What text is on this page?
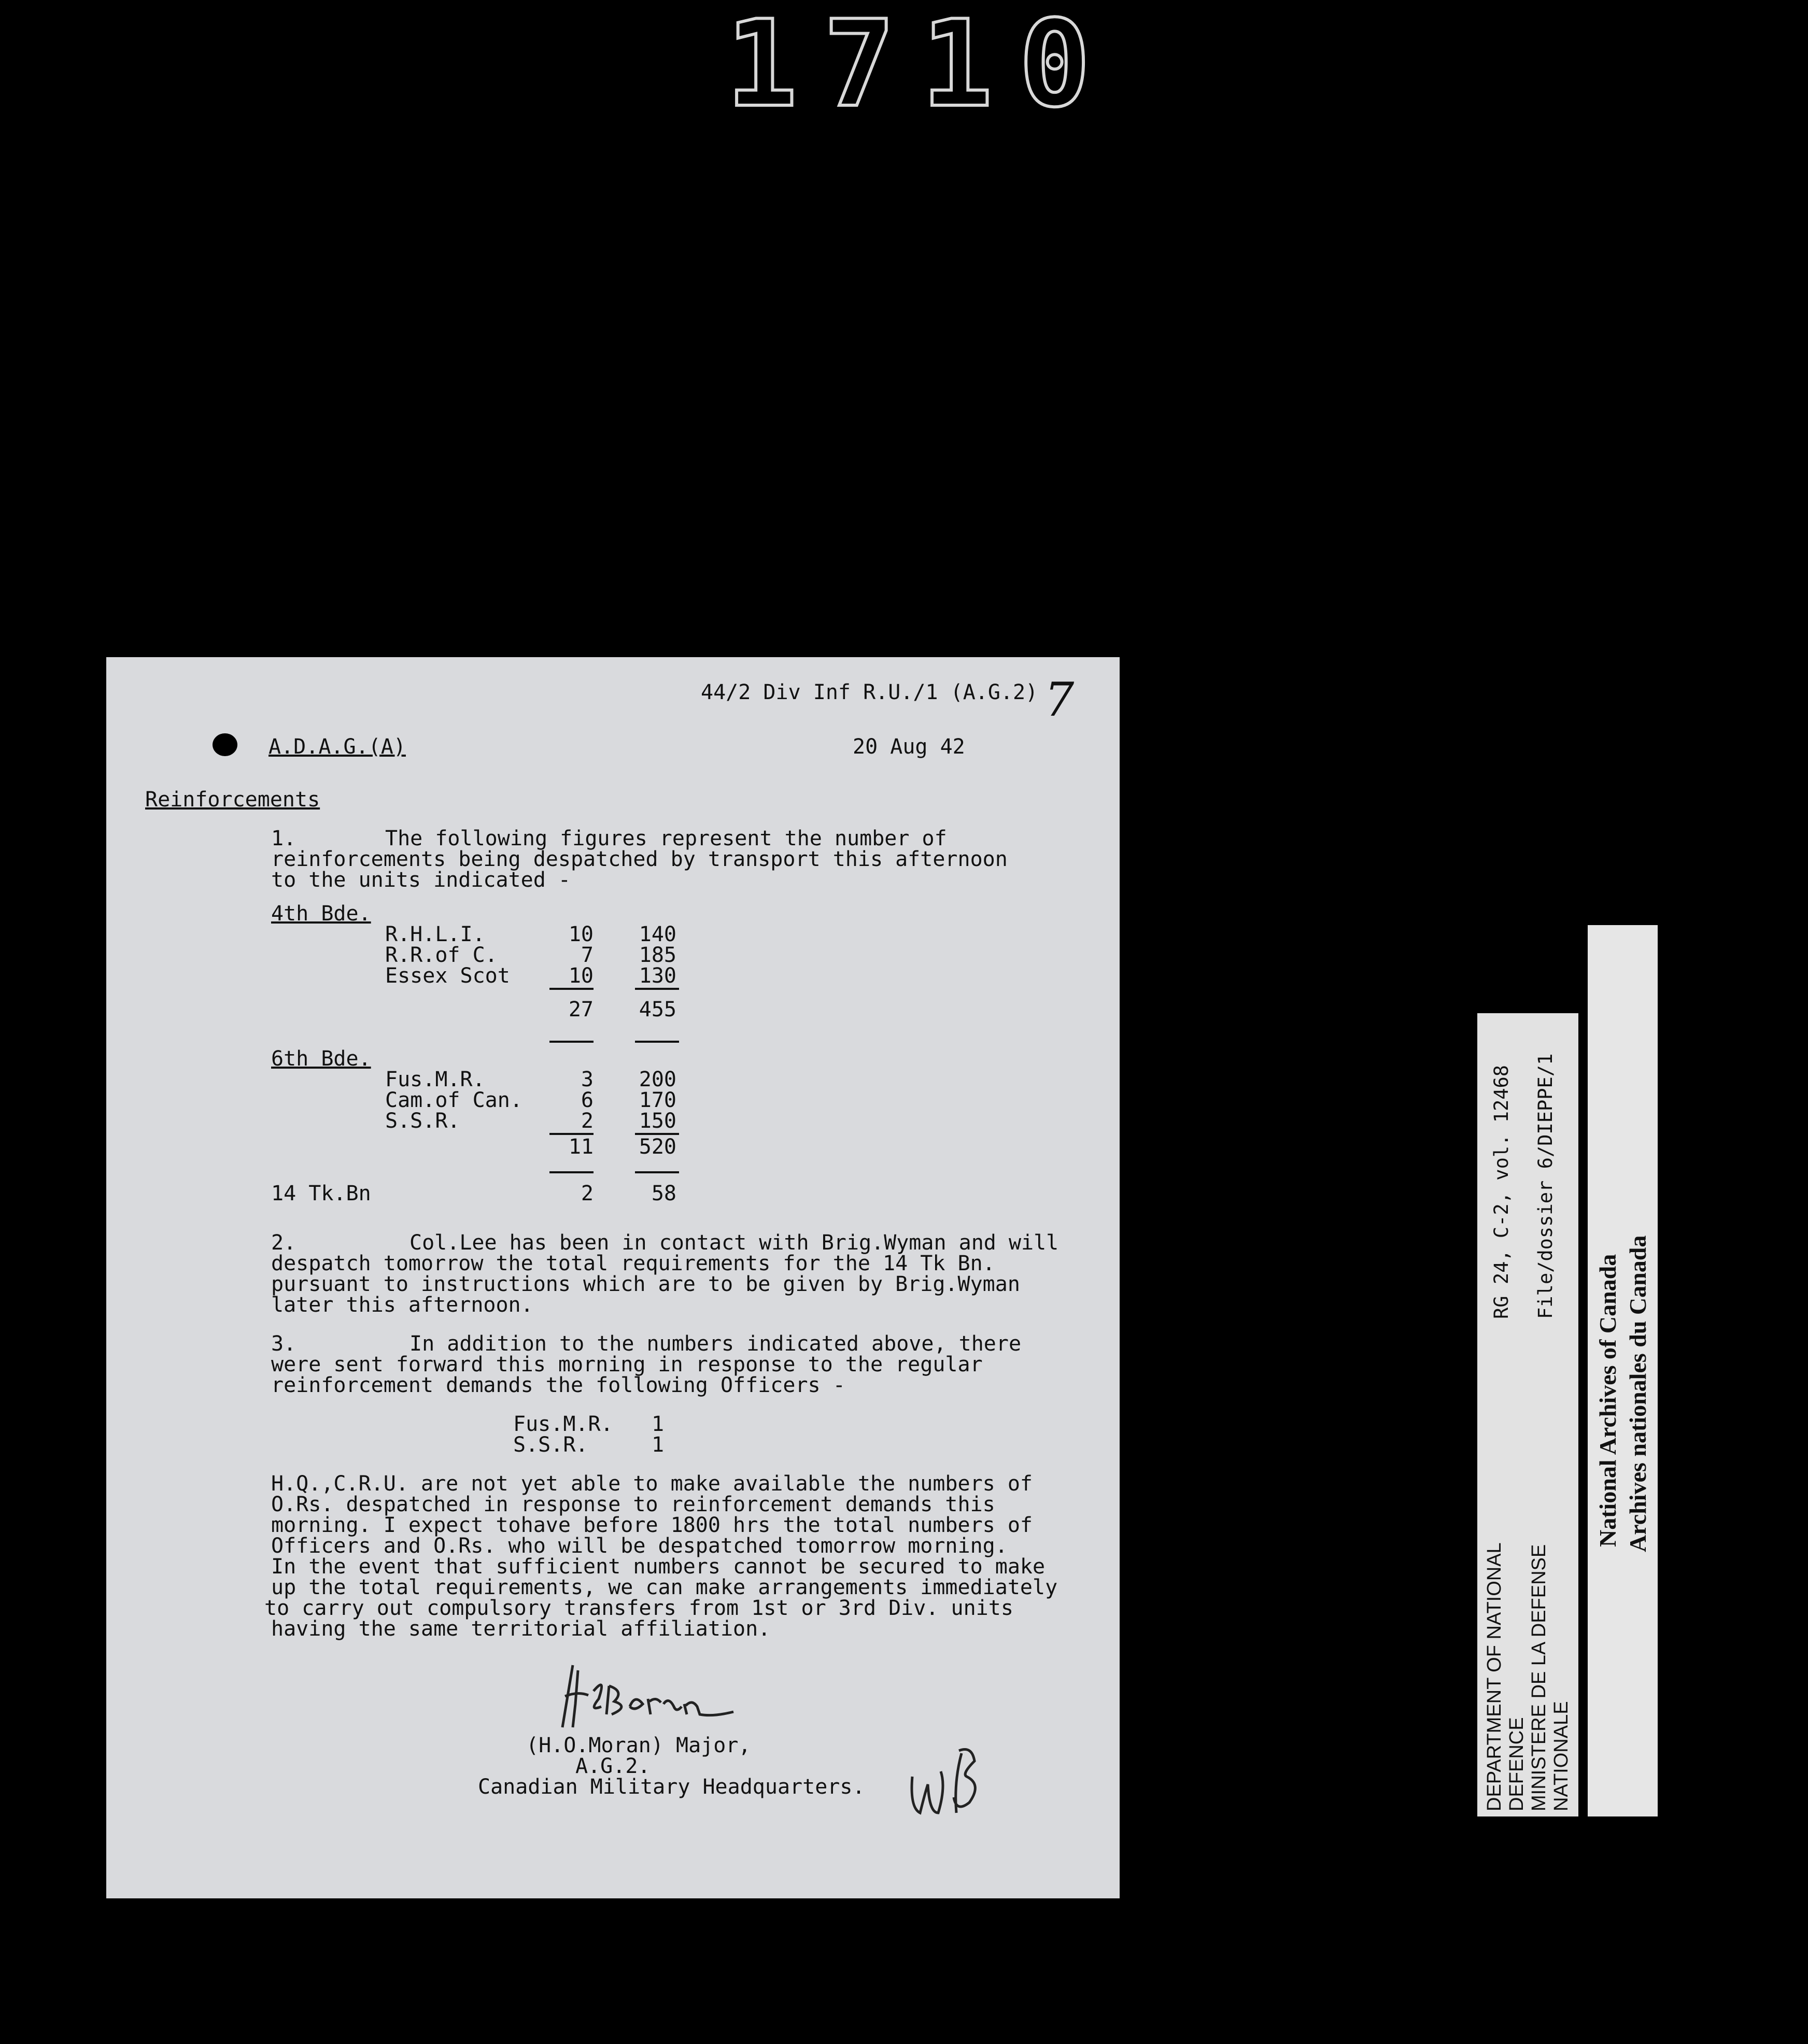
1710
44/2 Div Inf R.U./1 (A.G.2) 7
A.D.A.G.(A)	20 Aug 42
Reinforcements
1.	The following figures represent the number of
reinforcements being despatched by transport this afternoon
to the units indicated -
4th Bde.
R.H.L.I.	10 140
R.R.of C.	7 185
Essex Scot	10 130
27 455
6th Bde.
Fus.M.R.	3 200
Cam.of Can.	6 170
S.S.R.	2 150
11 520
14 Tk.Bn	2	58
2.	Col.Lee has been in contact with Brig.Wyman and will
despatch tomorrow the total requirements for the 14 Tk Bn.
pursuant to instructions which are to be given by Brig.Wyman
later this afternoon.
3.	In addition to the numbers indicated above, there
were sent forward this morning in response to the regular
reinforcement demands the following Officers -
Fus.M.R. 1
S.S.R.	1
H.Q.,C.R.U. are not yet able to make available the numbers of
O.Rs. despatched in response to reinforcement demands this
morning. I expect tohave before 1800 hrs the total numbers of
Officers and O.Rs. who will be despatched tomorrow morning.
In the event that sufficient numbers cannot be secured to make
up the total requirements, we can make arrangements immediately
to carry out compulsory transfers from 1st or 3rd Div. units
having the same territorial affiliation.
(H.O.Moran) Major,
A.G.2.
Canadian Military Headquarters.
RG 24, C-2, vol. 12468 File/dossier 6/DIEPPE/1
DEPARTMENT OF NATIONAL DEFENCE MINISTERE DE LA DEFENSE NATIONALE
National Archives of Canada Archives nationales du Canada
